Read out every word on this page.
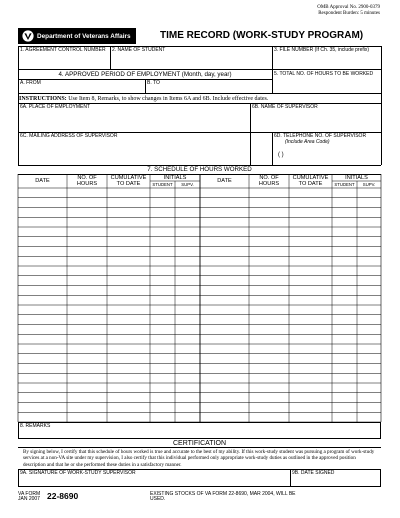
OMB Approval No. 2900-0379
Respondent Burden: 5 minutes
Department of Veterans Affairs	TIME RECORD (WORK-STUDY PROGRAM)
1. AGREEMENT CONTROL NUMBER 2. NAME OF STUDENT	3. FILE NUMBER (If Ch. 35, include prefix)
4. APPROVED PERIOD OF EMPLOYMENT (Month, day, year)
A. FROM	B. TO
5. TOTAL NO. OF HOURS TO BE WORKED
INSTRUCTIONS: Use Item 8, Remarks, to show changes in Items 6A and 6B. Include effective dates.
6A. PLACE OF EMPLOYMENT	6B. NAME OF SUPERVISOR
6C. MAILING ADDRESS OF SUPERVISOR	6D. TELEPHONE NO. OF SUPERVISOR
(Include Area Code)
( )
7. SCHEDULE OF HOURS WORKED
DATE	NO. OF
HOURS
CUMULATIVE
TO DATE
INITIALS
STUDENT	SUPV.
DATE	NO. OF
HOURS
CUMULATIVE
TO DATE
INITIALS
STUDENT	SUPV.
8. REMARKS
CERTIFICATION
By signing below, I certify that this schedule of hours worked is true and accurate to the best of my ability. If this work-study student was pursuing a program of work-study services at a non-VA site under my supervision, I also certify that this individual performed only appropriate work-study duties as outlined in the approved position description and that he or she performed these duties in a satisfactory manner.
9A. SIGNATURE OF WORK-STUDY SUPERVISOR	9B. DATE SIGNED
VA FORM
JAN 2007 22-8690	EXISTING STOCKS OF VA FORM 22-8690, MAR 2004, WILL BE USED.
